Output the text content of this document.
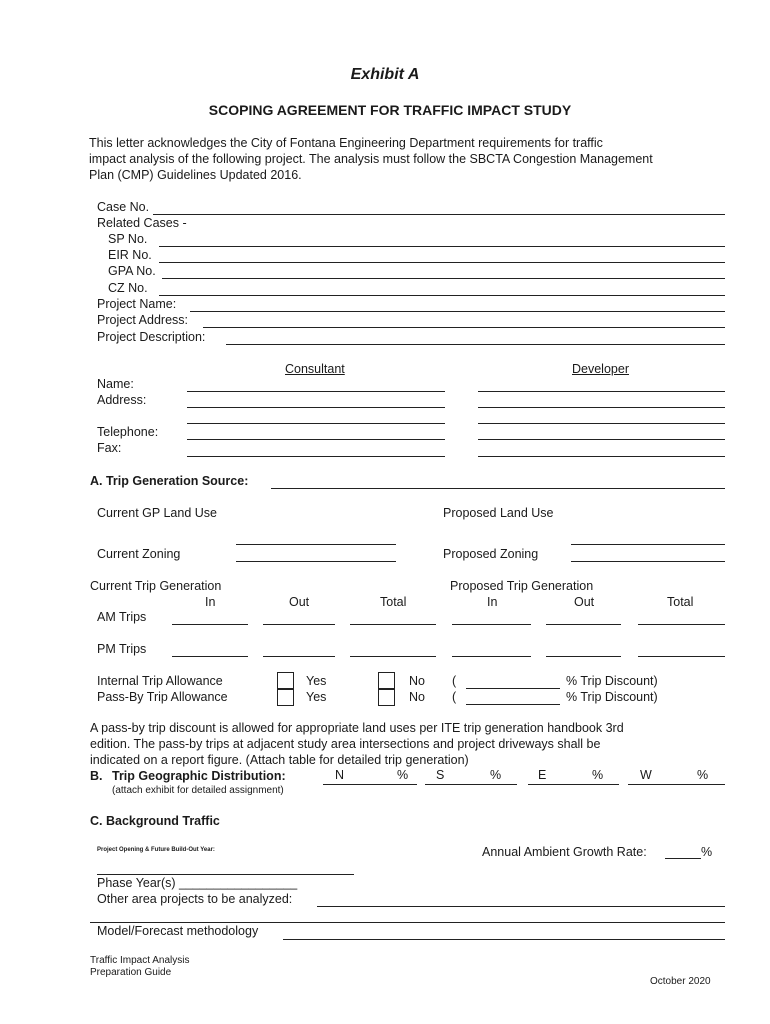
Exhibit A
SCOPING AGREEMENT FOR TRAFFIC IMPACT STUDY
This letter acknowledges the City of Fontana Engineering Department requirements for traffic
impact analysis of the following project. The analysis must follow the SBCTA Congestion Management
Plan (CMP) Guidelines Updated 2016.
Case No.
Related Cases -
SP No.
EIR No.
GPA No.
CZ No.
Project Name:
Project Address:
Project Description:
Consultant	Developer
Name:
Address:
Telephone:
Fax:
A. Trip Generation Source:
Current GP Land Use	Proposed Land Use
Current Zoning	Proposed Zoning
Current Trip Generation	Proposed Trip Generation
In	Out	Total	In	Out	Total
AM Trips
PM Trips
Internal Trip Allowance	Yes	No (	% Trip Discount)
Pass-By Trip Allowance	Yes	No (	% Trip Discount)
A pass-by trip discount is allowed for appropriate land uses per ITE trip generation handbook 3rd
edition. The pass-by trips at adjacent study area intersections and project driveways shall be
indicated on a report figure. (Attach table for detailed trip generation)
B. Trip Geographic Distribution:	N	% S	%	E	%	W	%
(attach exhibit for detailed assignment)
C. Background Traffic
Project Opening & Future Build-Out Year:	Annual Ambient Growth Rate:	%
Phase Year(s) _________________
Other area projects to be analyzed:
Model/Forecast methodology
Traffic Impact Analysis
Preparation Guide
October 2020
